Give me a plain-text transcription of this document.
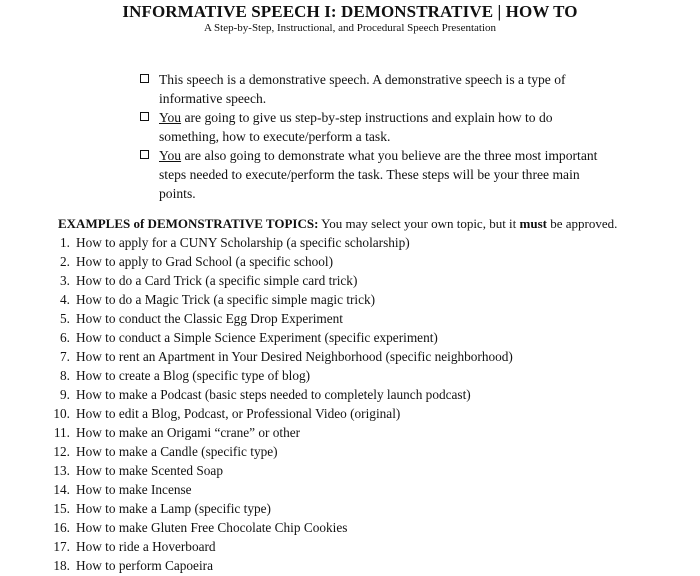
INFORMATIVE SPEECH I: DEMONSTRATIVE | HOW TO
A Step-by-Step, Instructional, and Procedural Speech Presentation
This speech is a demonstrative speech. A demonstrative speech is a type of informative speech.
You are going to give us step-by-step instructions and explain how to do something, how to execute/perform a task.
You are also going to demonstrate what you believe are the three most important steps needed to execute/perform the task. These steps will be your three main points.
EXAMPLES of DEMONSTRATIVE TOPICS: You may select your own topic, but it must be approved.
1. How to apply for a CUNY Scholarship (a specific scholarship)
2. How to apply to Grad School (a specific school)
3. How to do a Card Trick (a specific simple card trick)
4. How to do a Magic Trick (a specific simple magic trick)
5. How to conduct the Classic Egg Drop Experiment
6. How to conduct a Simple Science Experiment (specific experiment)
7. How to rent an Apartment in Your Desired Neighborhood (specific neighborhood)
8. How to create a Blog (specific type of blog)
9. How to make a Podcast (basic steps needed to completely launch podcast)
10. How to edit a Blog, Podcast, or Professional Video (original)
11. How to make an Origami “crane” or other
12. How to make a Candle (specific type)
13. How to make Scented Soap
14. How to make Incense
15. How to make a Lamp (specific type)
16. How to make Gluten Free Chocolate Chip Cookies
17. How to ride a Hoverboard
18. How to perform Capoeira
